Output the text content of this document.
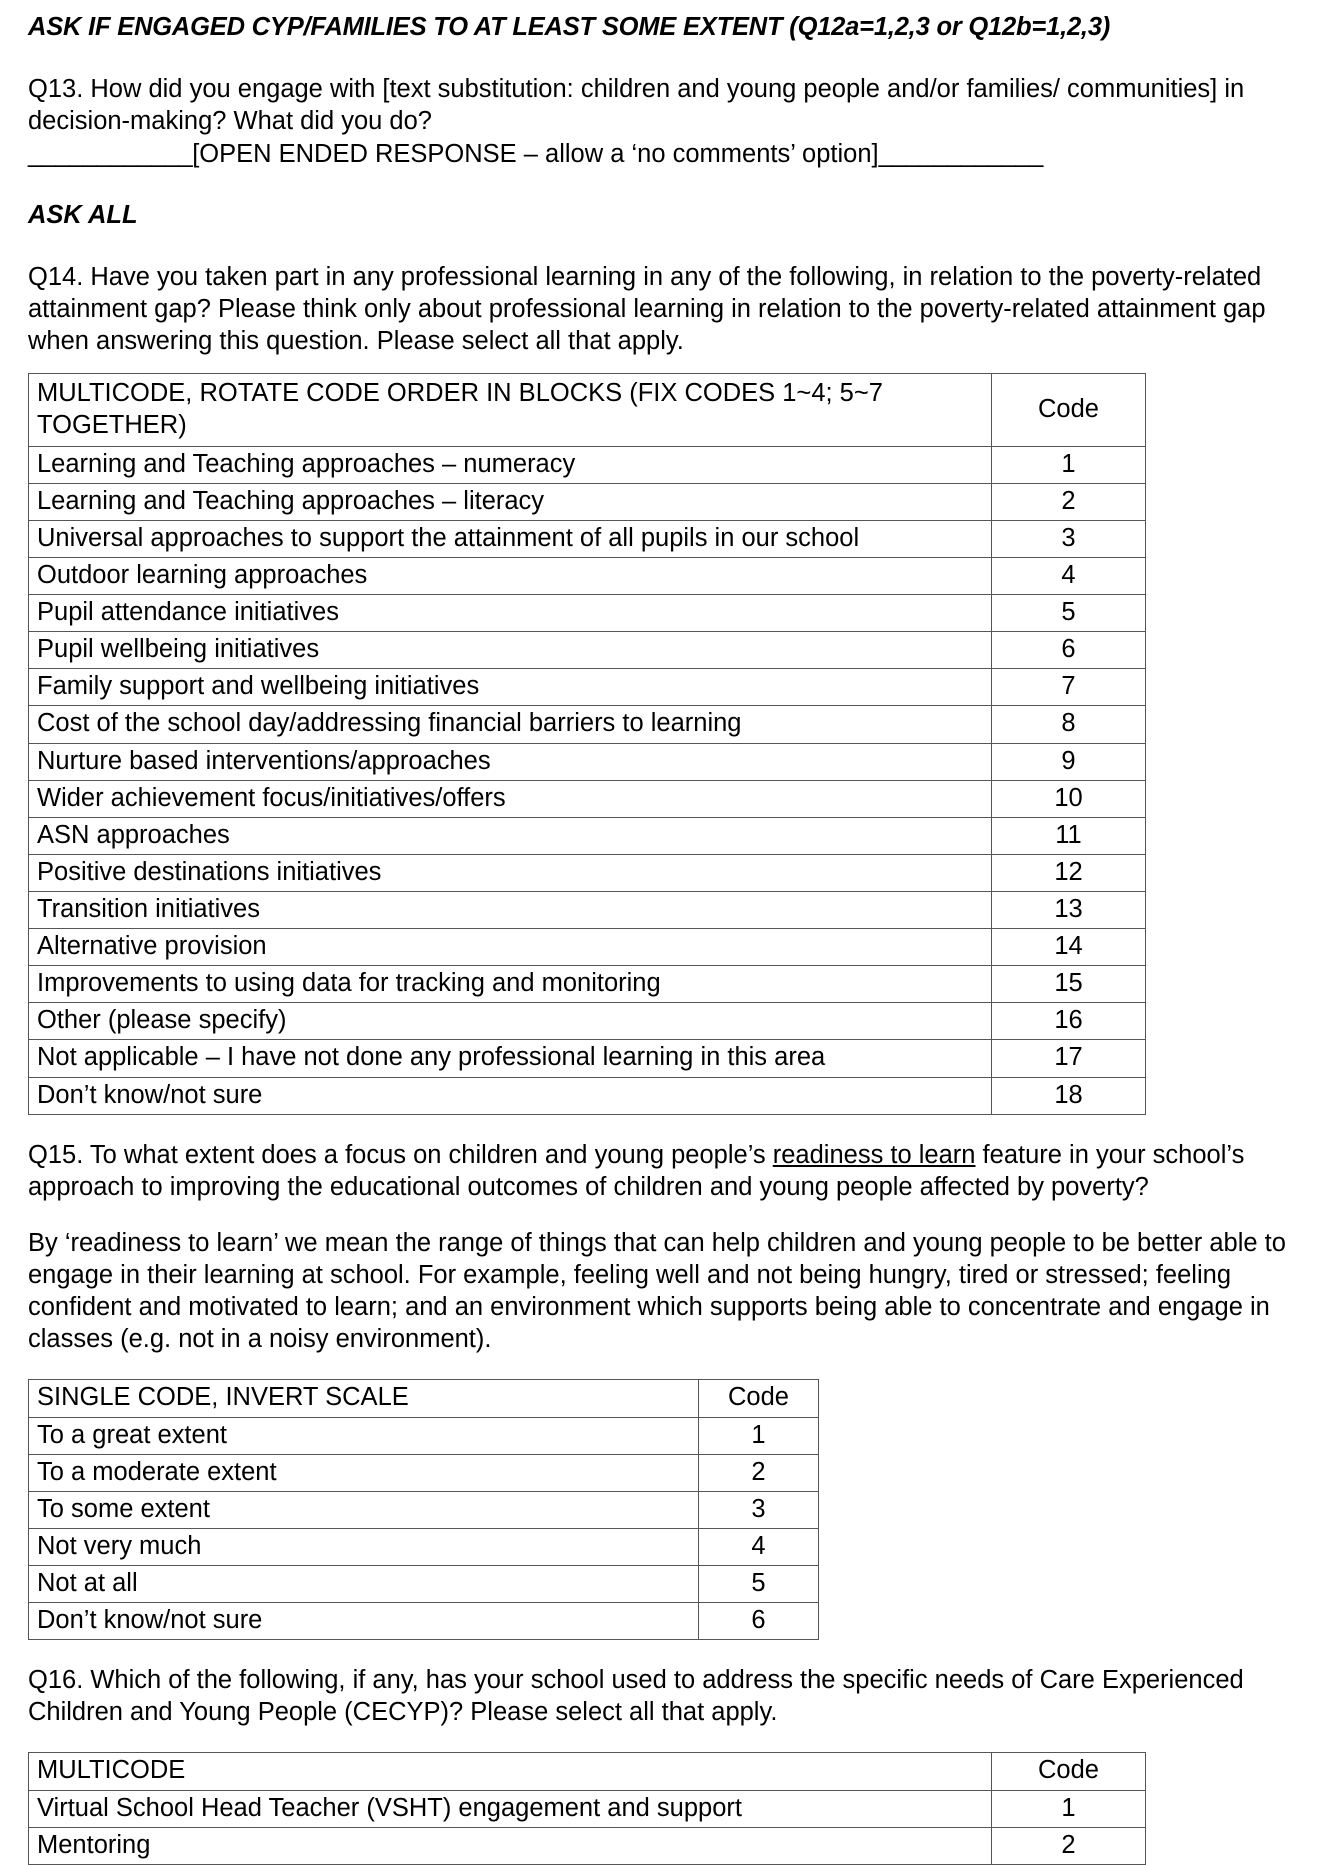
ASK IF ENGAGED CYP/FAMILIES TO AT LEAST SOME EXTENT (Q12a=1,2,3 or Q12b=1,2,3)

Q13. How did you engage with [text substitution: children and young people and/or families/ communities] in decision-making? What did you do?

____________[OPEN ENDED RESPONSE – allow a ‘no comments’ option]____________
ASK ALL

Q14. Have you taken part in any professional learning in any of the following, in relation to the poverty-related attainment gap? Please think only about professional learning in relation to the poverty-related attainment gap when answering this question. Please select all that apply.

MULTICODE, ROTATE CODE ORDER IN BLOCKS (FIX CODES 1~4; 5~7 TOGETHER)	Code
Learning and Teaching approaches – numeracy	1
Learning and Teaching approaches – literacy	2
Universal approaches to support the attainment of all pupils in our school	3
Outdoor learning approaches	4
Pupil attendance initiatives	5
Pupil wellbeing initiatives	6
Family support and wellbeing initiatives	7
Cost of the school day/addressing financial barriers to learning	8
Nurture based interventions/approaches	9
Wider achievement focus/initiatives/offers	10
ASN approaches	11
Positive destinations initiatives	12
Transition initiatives	13
Alternative provision	14
Improvements to using data for tracking and monitoring	15
Other (please specify)	16
Not applicable – I have not done any professional learning in this area	17
Don’t know/not sure	18

Q15. To what extent does a focus on children and young people’s readiness to learn feature in your school’s approach to improving the educational outcomes of children and young people affected by poverty?

By ‘readiness to learn’ we mean the range of things that can help children and young people to be better able to engage in their learning at school. For example, feeling well and not being hungry, tired or stressed; feeling confident and motivated to learn; and an environment which supports being able to concentrate and engage in classes (e.g. not in a noisy environment).

SINGLE CODE, INVERT SCALE	Code
To a great extent	1
To a moderate extent	2
To some extent	3
Not very much	4
Not at all	5
Don’t know/not sure	6

Q16. Which of the following, if any, has your school used to address the specific needs of Care Experienced Children and Young People (CECYP)? Please select all that apply.

MULTICODE	Code
Virtual School Head Teacher (VSHT) engagement and support	1
Mentoring	2
